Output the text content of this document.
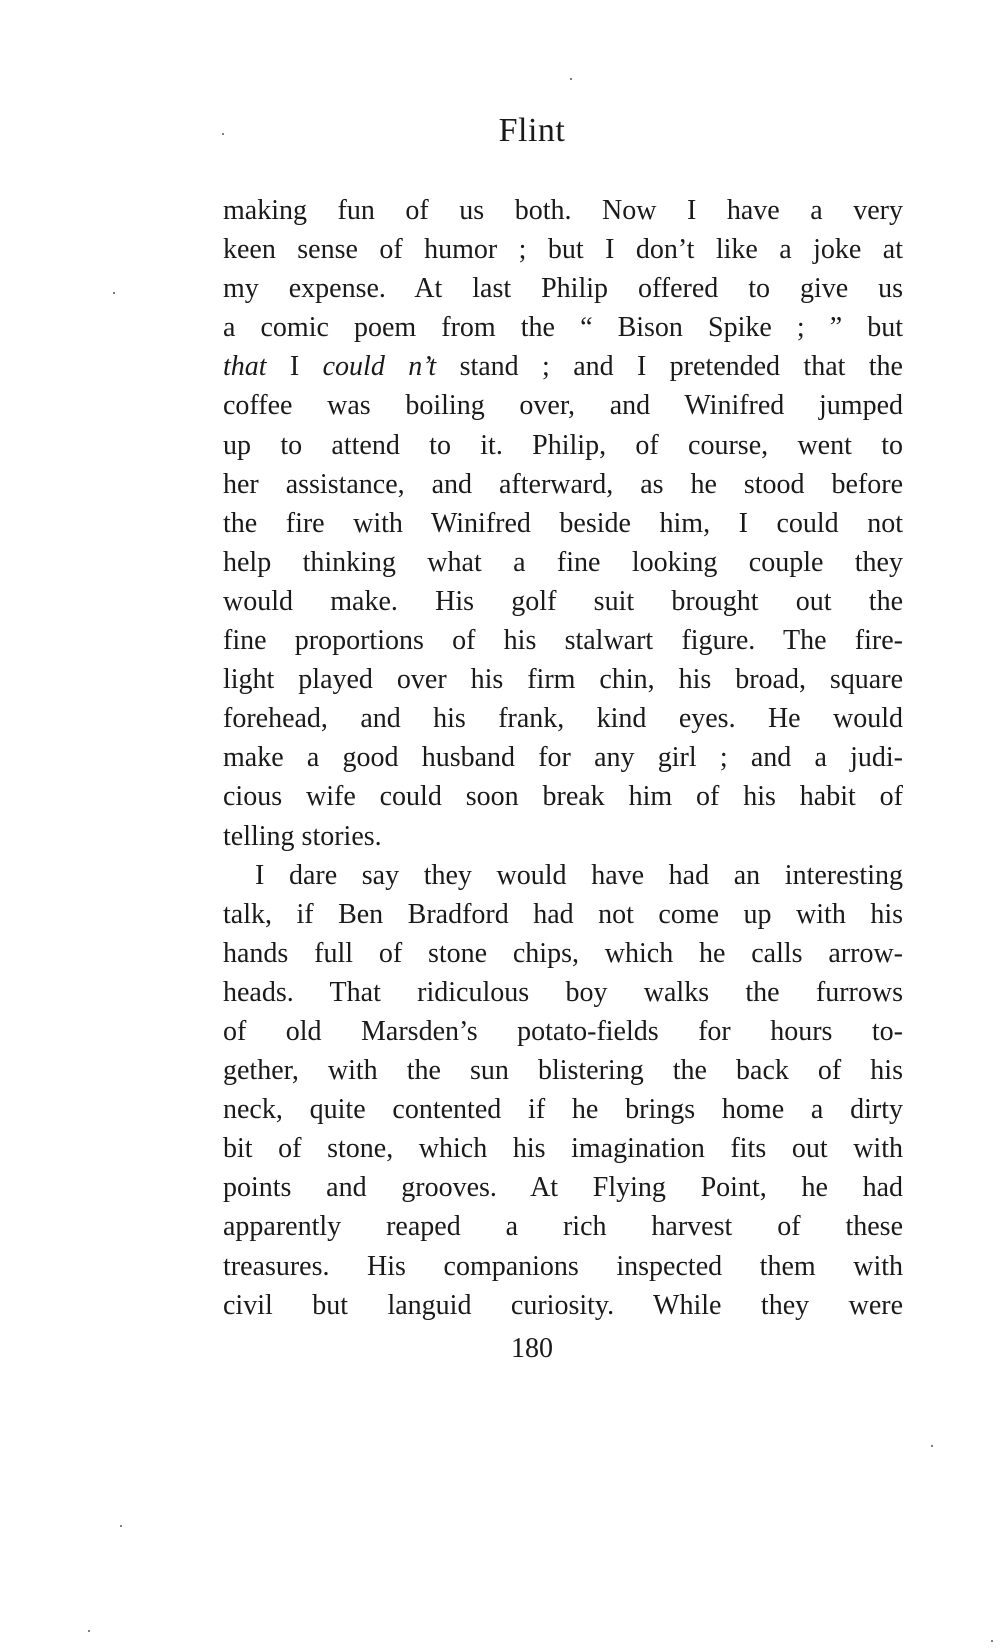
Flint
making fun of us both. Now I have a very
keen sense of humor ; but I don’t like a joke at
my expense. At last Philip offered to give us
a comic poem from the “ Bison Spike ; ” but
that I could n’t stand ; and I pretended that the
coffee was boiling over, and Winifred jumped
up to attend to it. Philip, of course, went to
her assistance, and afterward, as he stood before
the fire with Winifred beside him, I could not
help thinking what a fine looking couple they
would make. His golf suit brought out the
fine proportions of his stalwart figure. The fire-
light played over his firm chin, his broad, square
forehead, and his frank, kind eyes. He would
make a good husband for any girl ; and a judi-
cious wife could soon break him of his habit of
telling stories.
I dare say they would have had an interesting
talk, if Ben Bradford had not come up with his
hands full of stone chips, which he calls arrow-
heads. That ridiculous boy walks the furrows
of old Marsden’s potato-fields for hours to-
gether, with the sun blistering the back of his
neck, quite contented if he brings home a dirty
bit of stone, which his imagination fits out with
points and grooves. At Flying Point, he had
apparently reaped a rich harvest of these
treasures. His companions inspected them with
civil but languid curiosity. While they were
180
